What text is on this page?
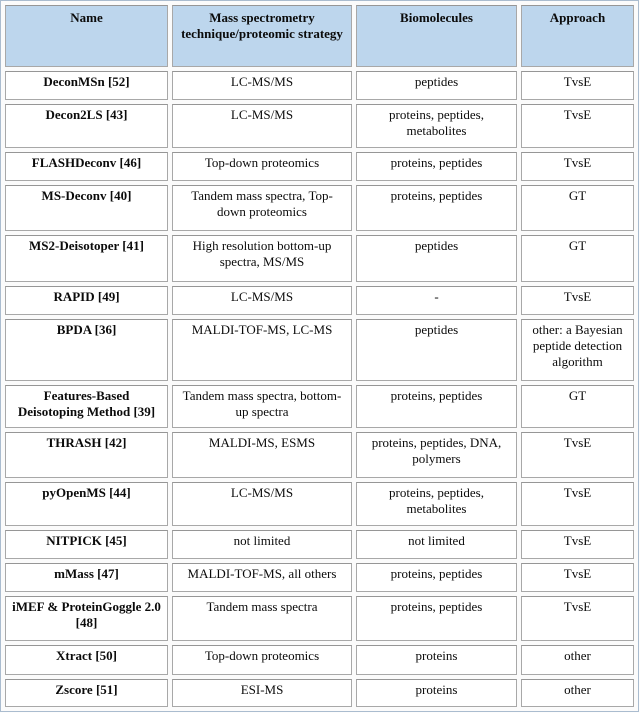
Name	Mass spectrometry technique/proteomic strategy	Biomolecules	Approach
DeconMSn [52]	LC-MS/MS	peptides	TvsE
Decon2LS [43]	LC-MS/MS	proteins, peptides, metabolites	TvsE
FLASHDeconv [46]	Top-down proteomics	proteins, peptides	TvsE
MS-Deconv [40]	Tandem mass spectra, Top-down proteomics	proteins, peptides	GT
MS2-Deisotoper [41]	High resolution bottom-up spectra, MS/MS	peptides	GT
RAPID [49]	LC-MS/MS	-	TvsE
BPDA [36]	MALDI-TOF-MS, LC-MS	peptides	other: a Bayesian peptide detection algorithm
Features-Based Deisotoping Method [39]	Tandem mass spectra, bottom-up spectra	proteins, peptides	GT
THRASH [42]	MALDI-MS, ESMS	proteins, peptides, DNA, polymers	TvsE
pyOpenMS [44]	LC-MS/MS	proteins, peptides, metabolites	TvsE
NITPICK [45]	not limited	not limited	TvsE
mMass [47]	MALDI-TOF-MS, all others	proteins, peptides	TvsE
iMEF & ProteinGoggle 2.0 [48]	Tandem mass spectra	proteins, peptides	TvsE
Xtract [50]	Top-down proteomics	proteins	other
Zscore [51]	ESI-MS	proteins	other
